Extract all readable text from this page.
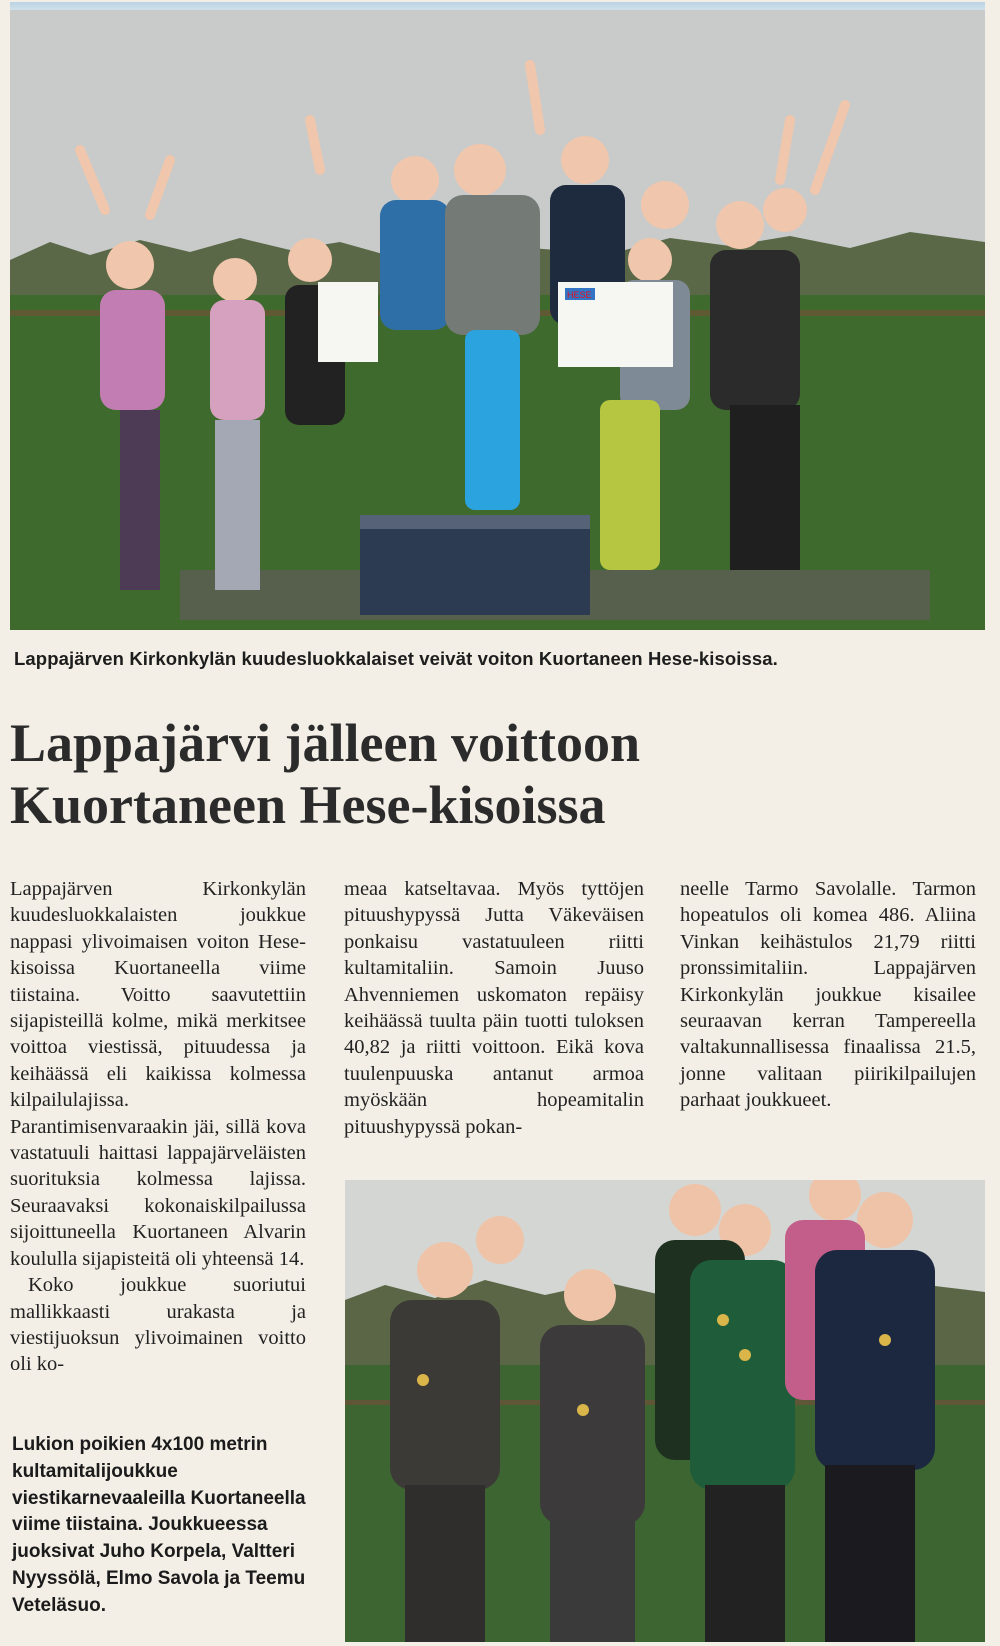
HESE
Lappajärven Kirkonkylän kuudesluokkalaiset veivät voiton Kuortaneen Hese-kisoissa.
Lappajärvi jälleen voittoon
Kuortaneen Hese-kisoissa

Lappajärven Kirkonkylän kuudesluokkalaisten joukkue nappasi ylivoimaisen voiton Hese-kisoissa Kuortaneella viime tiistaina. Voitto saavutettiin sijapisteillä kolme, mikä merkitsee voittoa viestissä, pituudessa ja keihäässä eli kaikissa kolmessa kilpailulajissa. Parantimisenvaraakin jäi, sillä kova vastatuuli haittasi lappajärveläisten suorituksia kolmessa lajissa. Seuraavaksi kokonaiskilpailussa sijoittuneella Kuortaneen Alvarin koululla sijapisteitä oli yhteensä 14.

Koko joukkue suoriutui mallikkaasti urakasta ja viestijuoksun ylivoimainen voitto oli ko-

meaa katseltavaa. Myös tyttöjen pituushypyssä Jutta Väkeväisen ponkaisu vastatuuleen riitti kultamitaliin. Samoin Juuso Ahvenniemen uskomaton repäisy keihäässä tuulta päin tuotti tuloksen 40,82 ja riitti voittoon. Eikä kova tuulenpuuska antanut armoa myöskään hopeamitalin pituushypyssä pokan-

neelle Tarmo Savolalle. Tarmon hopeatulos oli komea 486. Aliina Vinkan keihästulos 21,79 riitti pronssimitaliin. Lappajärven Kirkonkylän joukkue kisailee seuraavan kerran Tampereella valtakunnallisessa finaalissa 21.5, jonne valitaan piirikilpailujen parhaat joukkueet.

Lukion poikien 4x100 metrin kultamitalijoukkue viestikarnevaaleilla Kuortaneella viime tiistaina. Joukkueessa juoksivat Juho Korpela, Valtteri Nyyssölä, Elmo Savola ja Teemu Veteläsuo.
